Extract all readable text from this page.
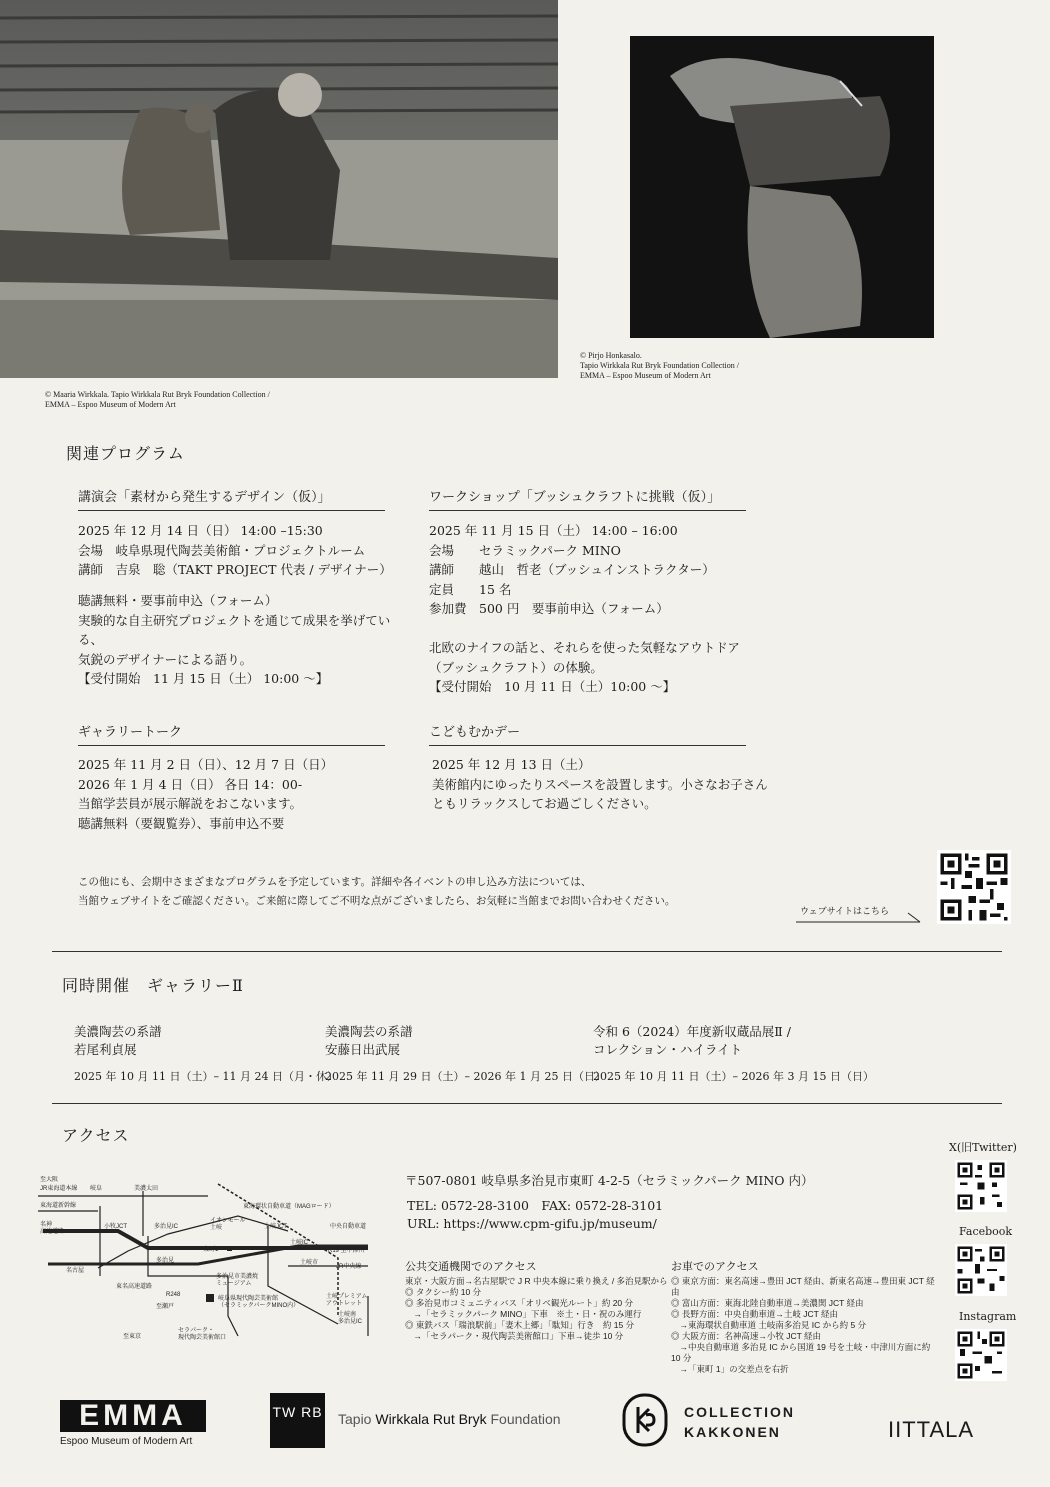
© Maaria Wirkkala. Tapio Wirkkala Rut Bryk Foundation Collection /
EMMA – Espoo Museum of Modern Art
© Pirjo Honkasalo.
Tapio Wirkkala Rut Bryk Foundation Collection /
EMMA – Espoo Museum of Modern Art
関連プログラム
講演会「素材から発生するデザイン（仮）」
2025 年 12 月 14 日（日） 14:00 –15:30
会場　岐阜県現代陶芸美術館・プロジェクトルーム
講師　吉泉　聡（TAKT PROJECT 代表 / デザイナー）
聴講無料・要事前申込（フォーム）
実験的な自主研究プロジェクトを通じて成果を挙げている、
気鋭のデザイナーによる語り。
【受付開始　11 月 15 日（土） 10:00 ～】
ワークショップ「ブッシュクラフトに挑戦（仮）」
2025 年 11 月 15 日（土） 14:00 – 16:00
会場　　セラミックパーク MINO
講師　　越山　哲老（ブッシュインストラクター）
定員　　15 名
参加費　500 円　要事前申込（フォーム）
北欧のナイフの話と、それらを使った気軽なアウトドア
（ブッシュクラフト）の体験。
【受付開始　10 月 11 日（土）10:00 ～】
ギャラリートーク
2025 年 11 月 2 日（日）、12 月 7 日（日）
2026 年 1 月 4 日（日） 各日 14：00-
当館学芸員が展示解説をおこないます。
聴講無料（要観覧券）、事前申込不要
こどもむかデー
2025 年 12 月 13 日（土）
美術館内にゆったりスペースを設置します。小さなお子さん
ともリラックスしてお過ごしください。
この他にも、会期中さまざまなプログラムを予定しています。詳細や各イベントの申し込み方法については、
当館ウェブサイトをご確認ください。ご来館に際してご不明な点がございましたら、お気軽に当館までお問い合わせください。
ウェブサイトはこちら
同時開催　ギャラリーⅡ
美濃陶芸の系譜
若尾利貞展
2025 年 10 月 11 日（土）– 11 月 24 日（月・休）
美濃陶芸の系譜
安藤日出武展
2025 年 11 月 29 日（土）– 2026 年 1 月 25 日（日）
令和 6（2024）年度新収蔵品展Ⅱ /
コレクション・ハイライト
2025 年 10 月 11 日（土）– 2026 年 3 月 15 日（日）
アクセス
至大阪
JR東海道本線 岐阜	美濃太田
東海道新幹線
名神高速道路
小牧JCT	多治見IC
イオンモール土岐	土岐JCT	中央自動車道
東海環状自動車道（MAGロード）
土岐IC
東町1	R19 至中津川
多治見	土岐市
JR中央線
名古屋
東名高速道路
R248
至瀬戸
多治見市美濃焼ミュージアム
岐阜県現代陶芸美術館（セラミックパークMINO内）
土岐プレミアムアウトレット
土岐南多治見IC
至東京
セラパーク・現代陶芸美術館口
〒507-0801 岐阜県多治見市東町 4-2-5（セラミックパーク MINO 内）
TEL: 0572-28-3100　FAX: 0572-28-3101
URL: https://www.cpm-gifu.jp/museum/
公共交通機関でのアクセス
東京・大阪方面→名古屋駅で J R 中央本線に乗り換え / 多治見駅から
◎ タクシー約 10 分
◎ 多治見市コミュニティバス「オリベ観光ルート」約 20 分
　→「セラミックパーク MINO」下車　※土・日・祝のみ運行
◎ 東鉄バス「瑞浪駅前」「妻木上郷」「駄知」行き　約 15 分
　→「セラパーク・現代陶芸美術館口」下車→徒歩 10 分
お車でのアクセス
◎ 東京方面：東名高速→豊田 JCT 経由、新東名高速→豊田東 JCT 経由
◎ 富山方面：東海北陸自動車道→美濃関 JCT 経由
◎ 長野方面：中央自動車道→土岐 JCT 経由
　→東海環状自動車道 土岐南多治見 IC から約 5 分
◎ 大阪方面：名神高速→小牧 JCT 経由
　→中央自動車道 多治見 IC から国道 19 号を土岐・中津川方面に約 10 分
　→「東町 1」の交差点を右折
X(旧Twitter)
Facebook
Instagram
EMMA
Espoo Museum of Modern Art
TW RB Tapio Wirkkala Rut Bryk Foundation	COLLECTION
KAKKONEN	IITTALA
